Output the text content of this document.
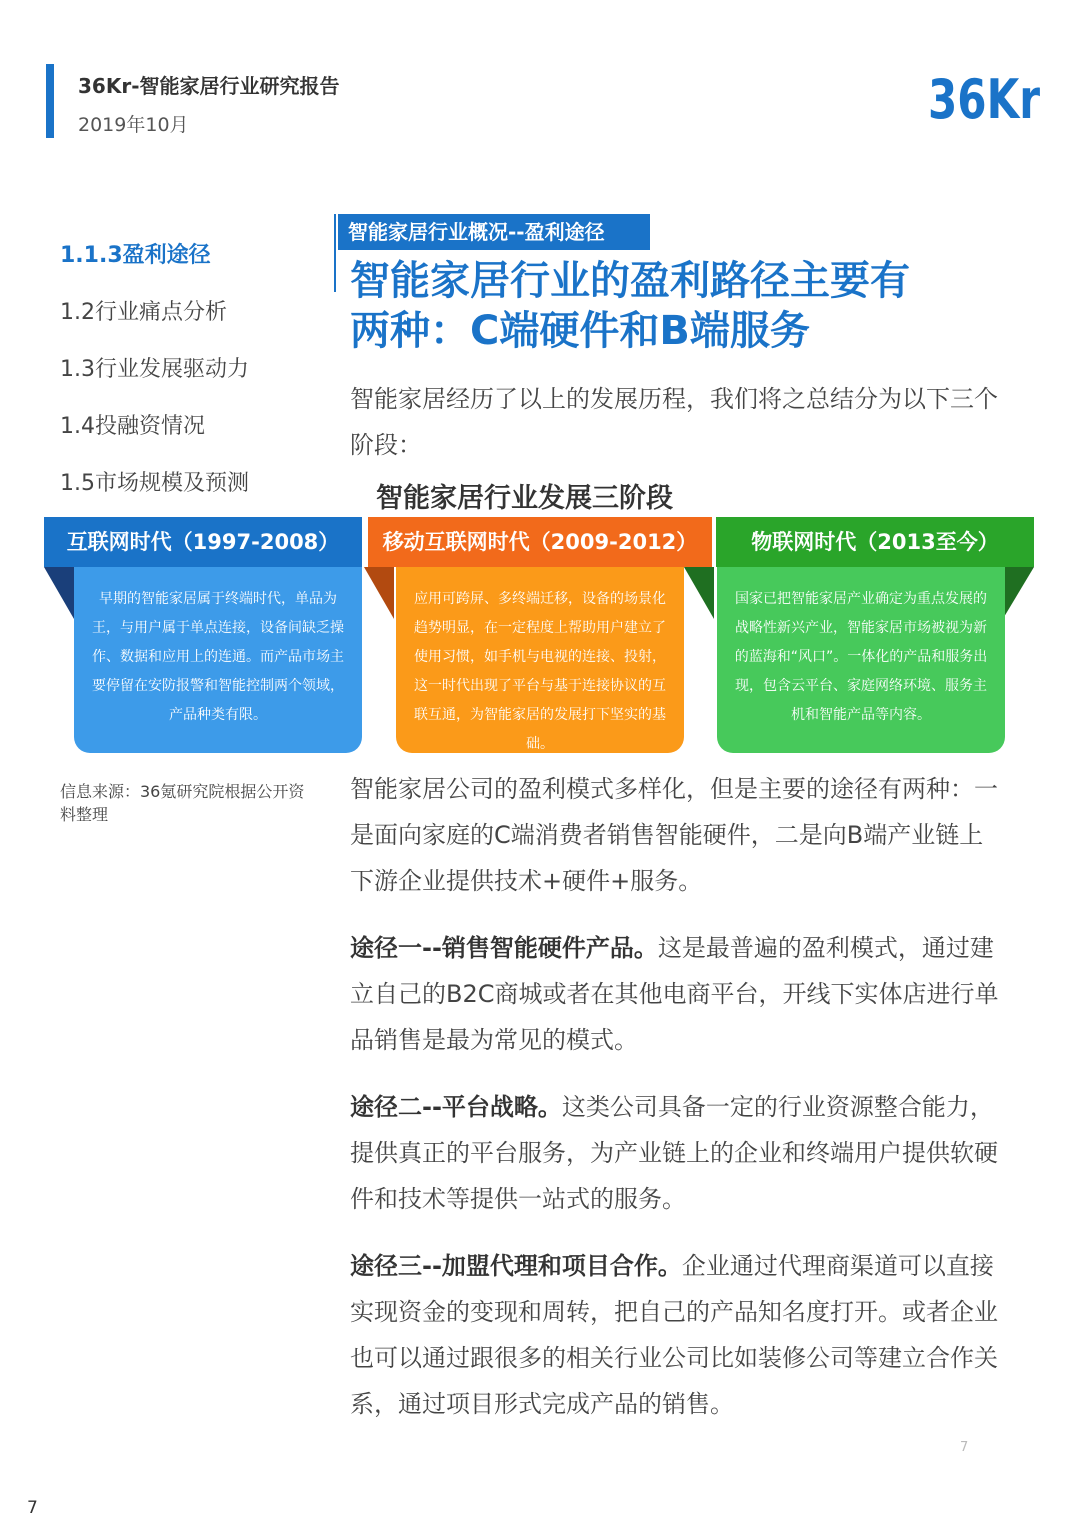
36Kr-智能家居行业研究报告
2019年10月	36Kr
1.1.3盈利途径
1.2行业痛点分析
1.3行业发展驱动力
1.4投融资情况
1.5市场规模及预测
智能家居行业概况--盈利途径
智能家居行业的盈利路径主要有
两种：C端硬件和B端服务
智能家居经历了以上的发展历程，我们将之总结分为以下三个阶段：
智能家居行业发展三阶段
互联网时代（1997-2008）
早期的智能家居属于终端时代，单品为王，与用户属于单点连接，设备间缺乏操作、数据和应用上的连通。而产品市场主要停留在安防报警和智能控制两个领域，产品种类有限。
移动互联网时代（2009-2012）
应用可跨屏、多终端迁移，设备的场景化趋势明显，在一定程度上帮助用户建立了使用习惯，如手机与电视的连接、投射，这一时代出现了平台与基于连接协议的互联互通，为智能家居的发展打下坚实的基础。
物联网时代（2013至今）
国家已把智能家居产业确定为重点发展的战略性新兴产业，智能家居市场被视为新的蓝海和“风口”。一体化的产品和服务出现，包含云平台、家庭网络环境、服务主机和智能产品等内容。
信息来源：36氪研究院根据公开资料整理
智能家居公司的盈利模式多样化，但是主要的途径有两种：一是面向家庭的C端消费者销售智能硬件，二是向B端产业链上下游企业提供技术+硬件+服务。
途径一--销售智能硬件产品。这是最普遍的盈利模式，通过建立自己的B2C商城或者在其他电商平台，开线下实体店进行单品销售是最为常见的模式。
途径二--平台战略。这类公司具备一定的行业资源整合能力，提供真正的平台服务，为产业链上的企业和终端用户提供软硬件和技术等提供一站式的服务。
途径三--加盟代理和项目合作。企业通过代理商渠道可以直接实现资金的变现和周转，把自己的产品知名度打开。或者企业也可以通过跟很多的相关行业公司比如装修公司等建立合作关系，通过项目形式完成产品的销售。
7
7
